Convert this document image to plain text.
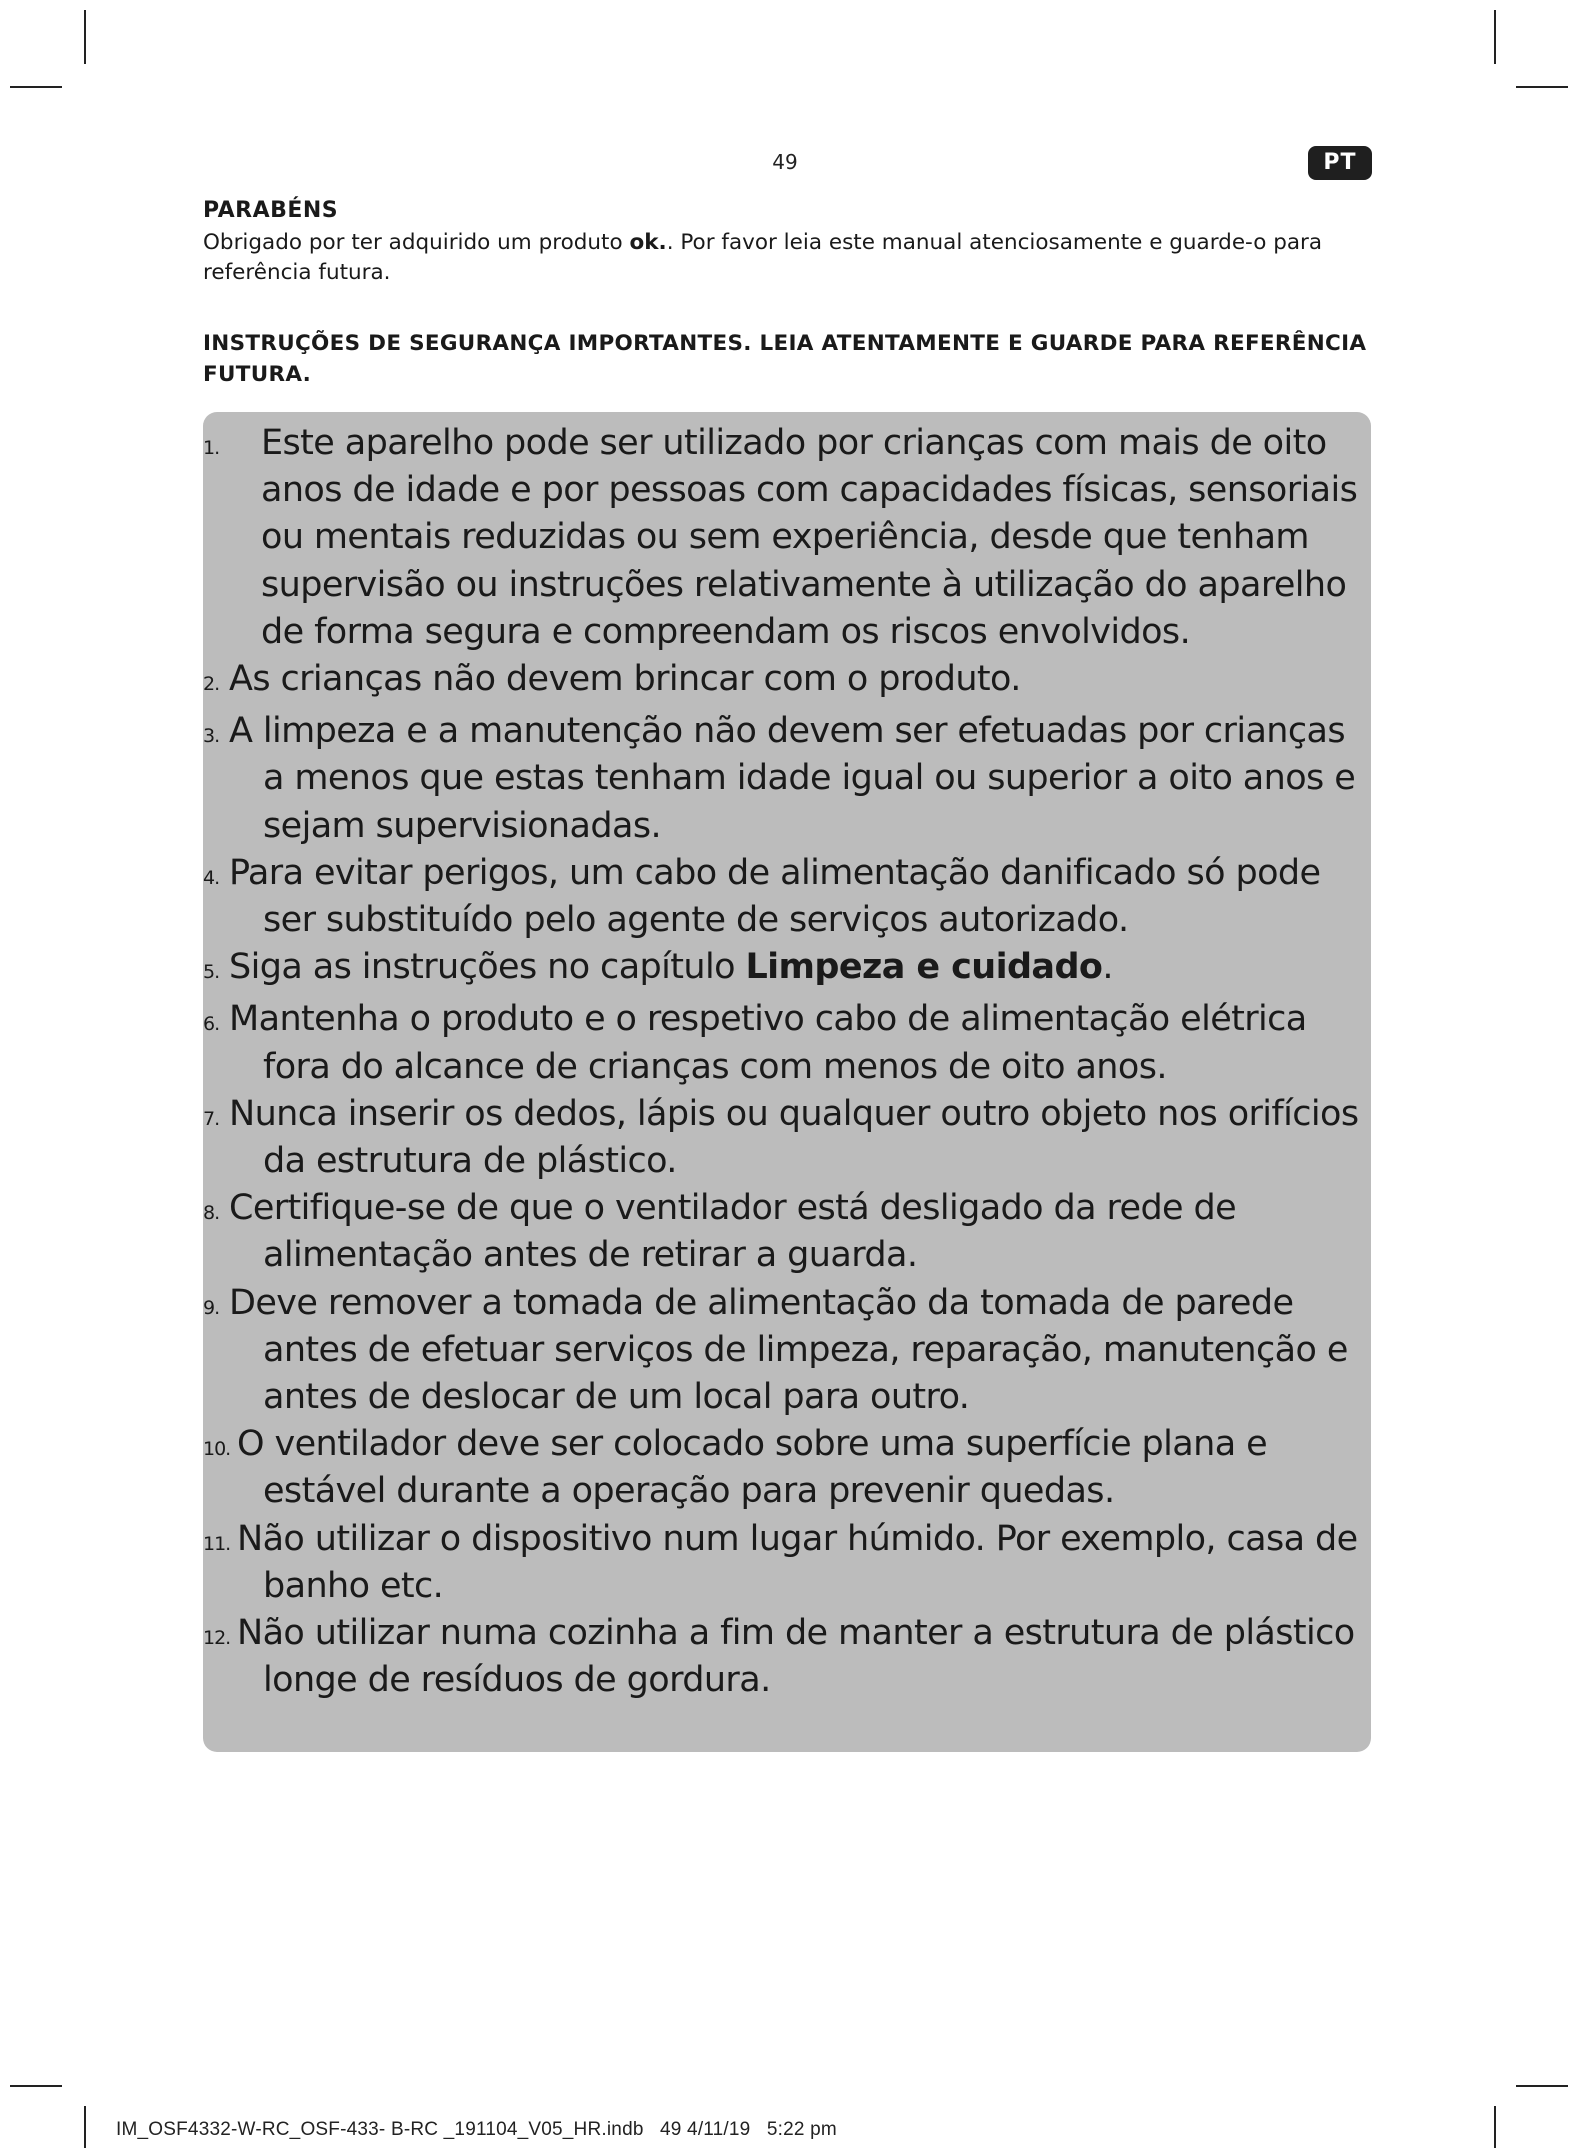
49	PT
PARABÉNS
Obrigado por ter adquirido um produto ok.. Por favor leia este manual atenciosamente e guarde-o para referência futura.
INSTRUÇÕES DE SEGURANÇA IMPORTANTES. LEIA ATENTAMENTE E GUARDE PARA REFERÊNCIA FUTURA.
1.	Este aparelho pode ser utilizado por crianças com mais de oito anos de idade e por pessoas com capacidades físicas, sensoriais ou mentais reduzidas ou sem experiência, desde que tenham supervisão ou instruções relativamente à utilização do aparelho de forma segura e compreendam os riscos envolvidos.
2. As crianças não devem brincar com o produto.
3. A limpeza e a manutenção não devem ser efetuadas por crianças a menos que estas tenham idade igual ou superior a oito anos e sejam supervisionadas.
4. Para evitar perigos, um cabo de alimentação danificado só pode ser substituído pelo agente de serviços autorizado.
5. Siga as instruções no capítulo Limpeza e cuidado.
6. Mantenha o produto e o respetivo cabo de alimentação elétrica fora do alcance de crianças com menos de oito anos.
7. Nunca inserir os dedos, lápis ou qualquer outro objeto nos orifícios da estrutura de plástico.
8. Certifique-se de que o ventilador está desligado da rede de alimentação antes de retirar a guarda.
9. Deve remover a tomada de alimentação da tomada de parede antes de efetuar serviços de limpeza, reparação, manutenção e antes de deslocar de um local para outro.
10. O ventilador deve ser colocado sobre uma superfície plana e estável durante a operação para prevenir quedas.
11. Não utilizar o dispositivo num lugar húmido. Por exemplo, casa de banho etc.
12. Não utilizar numa cozinha a fim de manter a estrutura de plástico longe de resíduos de gordura.
IM_OSF4332-W-RC_OSF-433- B-RC _191104_V05_HR.indb   49 4/11/19   5:22 pm
